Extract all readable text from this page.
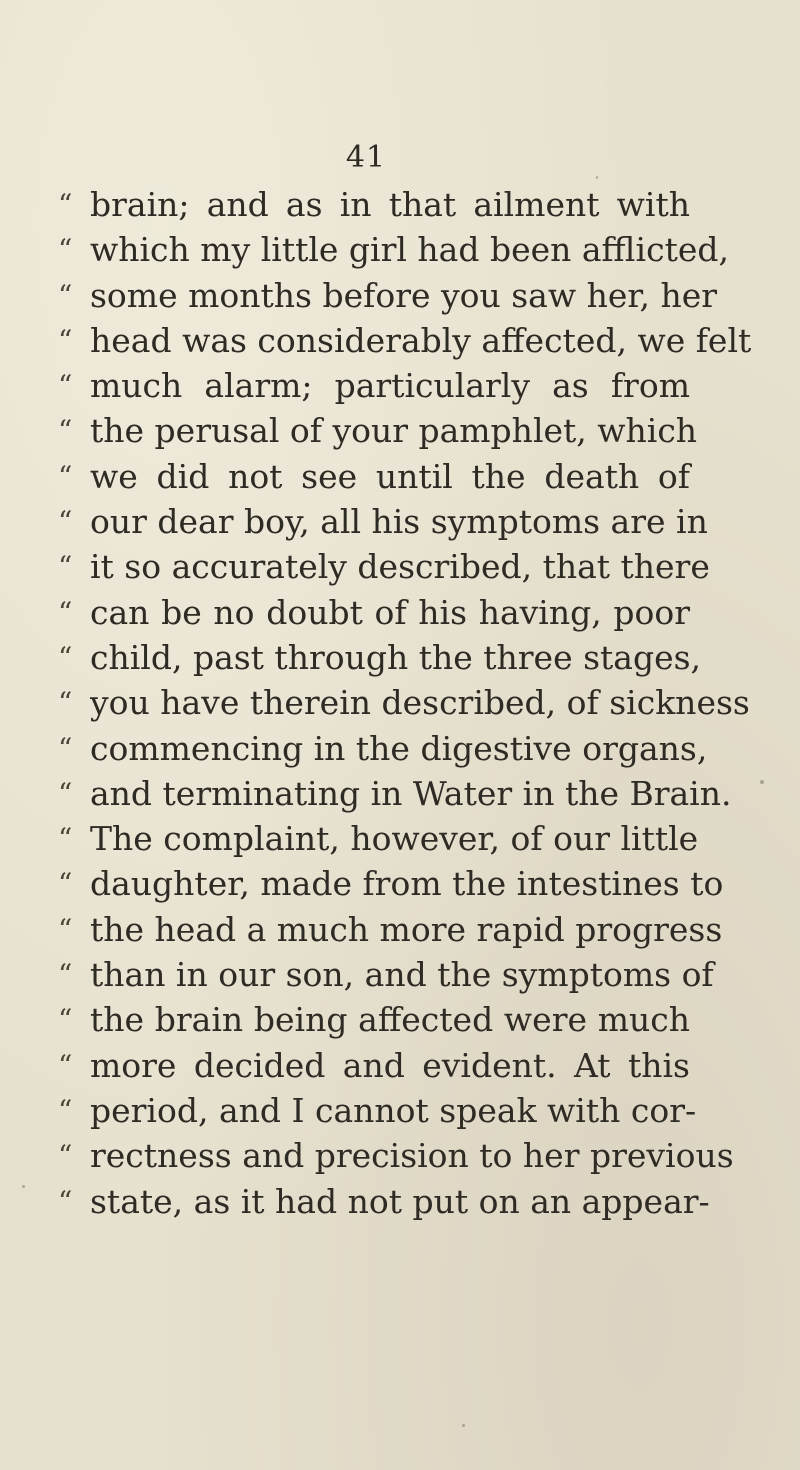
41
“ brain; and as in that ailment with
“ which my little girl had been afflicted,
“ some months before you saw her, her
“ head was considerably affected, we felt
“ much alarm; particularly as from
“ the perusal of your pamphlet, which
“ we did not see until the death of
“ our dear boy, all his symptoms are in
“ it so accurately described, that there
“ can be no doubt of his having, poor
“ child, past through the three stages,
“ you have therein described, of sickness
“ commencing in the digestive organs,
“ and terminating in Water in the Brain.
“ The complaint, however, of our little
“ daughter, made from the intestines to
“ the head a much more rapid progress
“ than in our son, and the symptoms of
“ the brain being affected were much
“ more decided and evident. At this
“ period, and I cannot speak with cor-
“ rectness and precision to her previous
“ state, as it had not put on an appear-
